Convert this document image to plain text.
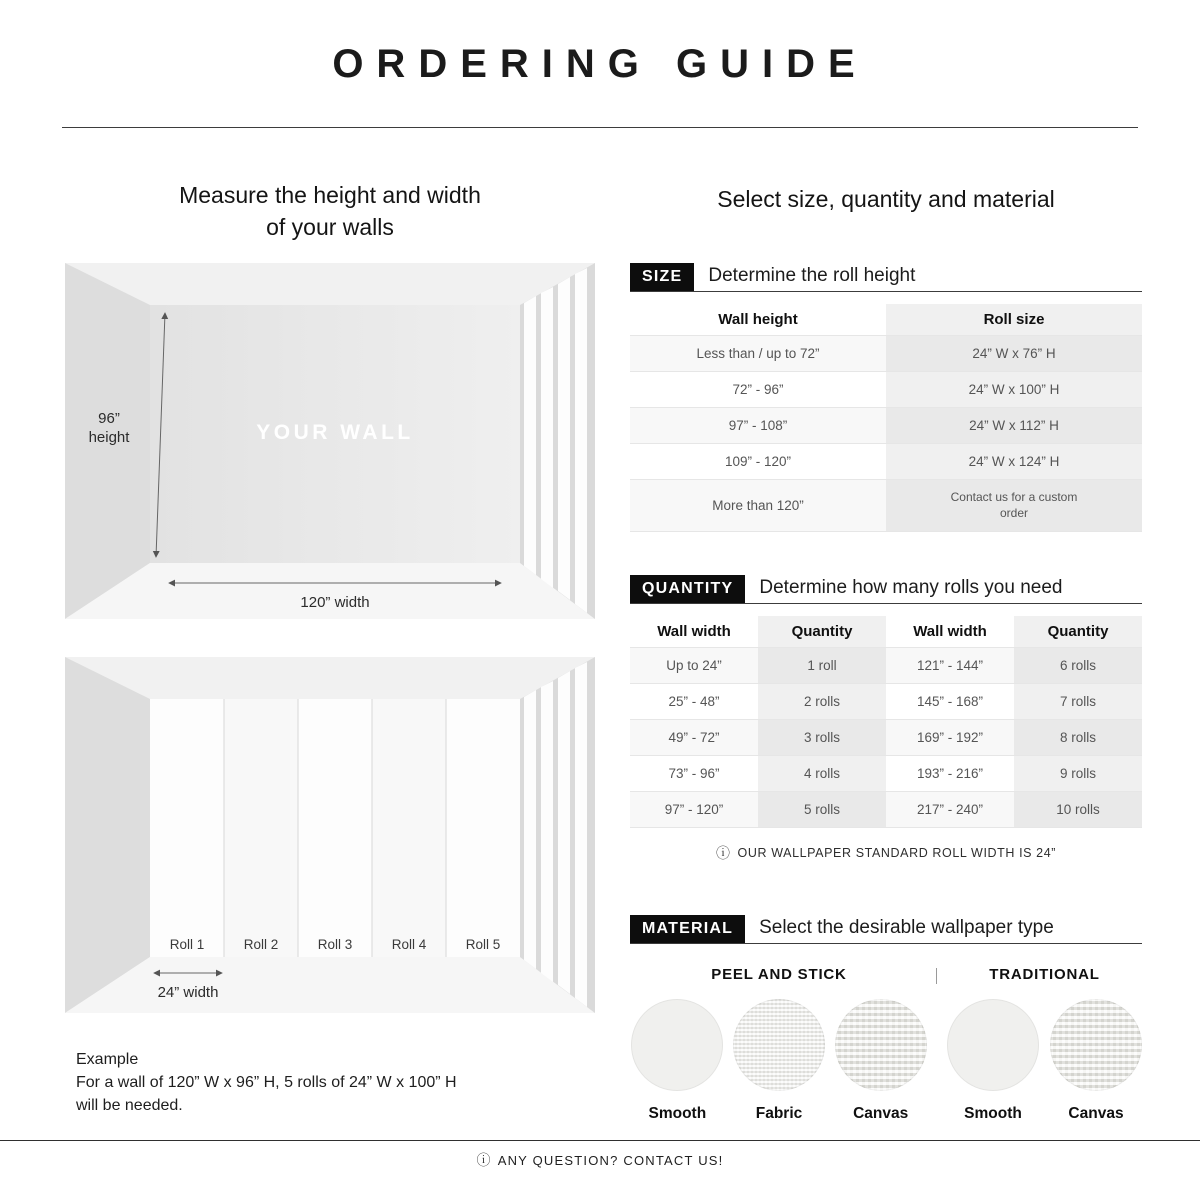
ORDERING GUIDE
Measure the height and width
of your walls
YOUR WALL
96”
height
120” width
Roll 1	Roll 2	Roll 3	Roll 4	Roll 5
24” width
Example
For a wall of 120” W x 96” H, 5 rolls of 24” W x 100” H
will be needed.
Select size, quantity and material
SIZE	Determine the roll height
Wall height	Roll size
Less than / up to 72”	24” W x 76” H
72” - 96”	24” W x 100” H
97” - 108”	24” W x 112” H
109” - 120”	24” W x 124” H
More than 120”	Contact us for a custom order
QUANTITY	Determine how many rolls you need
Wall width	Quantity	Wall width	Quantity
Up to 24”	1 roll	121” - 144”	6 rolls
25” - 48”	2 rolls	145” - 168”	7 rolls
49” - 72”	3 rolls	169” - 192”	8 rolls
73” - 96”	4 rolls	193” - 216”	9 rolls
97” - 120”	5 rolls	217” - 240”	10 rolls
ⓘ OUR WALLPAPER STANDARD ROLL WIDTH IS 24”
MATERIAL	Select the desirable wallpaper type
PEEL AND STICK
Smooth	Fabric	Canvas
TRADITIONAL
Smooth	Canvas
ⓘ ANY QUESTION? CONTACT US!
